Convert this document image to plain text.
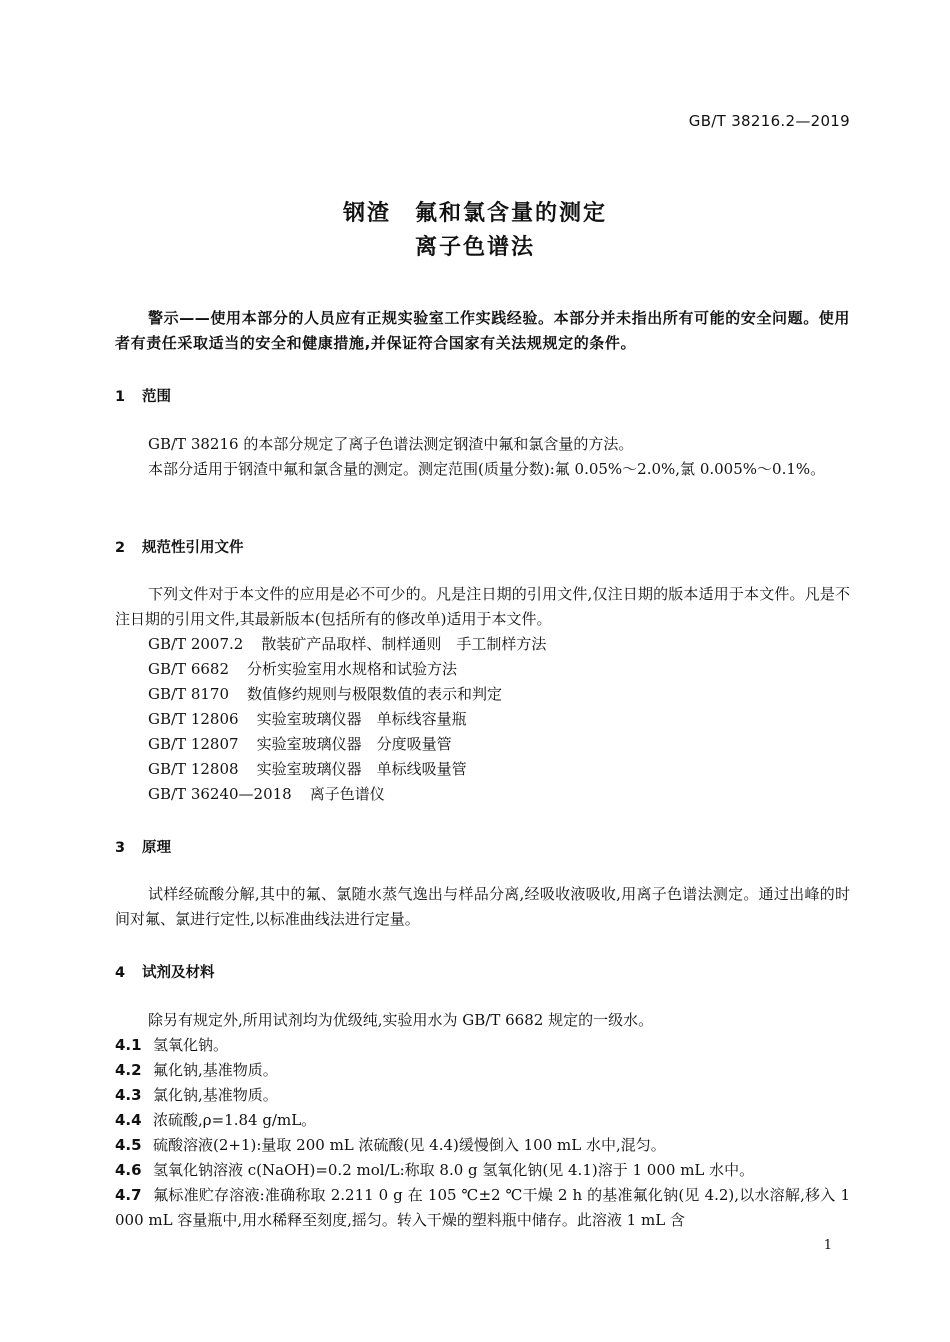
GB/T 38216.2—2019
钢渣　氟和氯含量的测定
离子色谱法
警示——使用本部分的人员应有正规实验室工作实践经验。本部分并未指出所有可能的安全问题。使用者有责任采取适当的安全和健康措施,并保证符合国家有关法规规定的条件。
1 范围
GB/T 38216 的本部分规定了离子色谱法测定钢渣中氟和氯含量的方法。
本部分适用于钢渣中氟和氯含量的测定。测定范围(质量分数):氟 0.05%～2.0%,氯 0.005%～0.1%。
2 规范性引用文件
下列文件对于本文件的应用是必不可少的。凡是注日期的引用文件,仅注日期的版本适用于本文件。凡是不注日期的引用文件,其最新版本(包括所有的修改单)适用于本文件。
GB/T 2007.2 散装矿产品取样、制样通则　手工制样方法
GB/T 6682 分析实验室用水规格和试验方法
GB/T 8170 数值修约规则与极限数值的表示和判定
GB/T 12806 实验室玻璃仪器　单标线容量瓶
GB/T 12807 实验室玻璃仪器　分度吸量管
GB/T 12808 实验室玻璃仪器　单标线吸量管
GB/T 36240—2018 离子色谱仪
3 原理
试样经硫酸分解,其中的氟、氯随水蒸气逸出与样品分离,经吸收液吸收,用离子色谱法测定。通过出峰的时间对氟、氯进行定性,以标准曲线法进行定量。
4 试剂及材料
除另有规定外,所用试剂均为优级纯,实验用水为 GB/T 6682 规定的一级水。
4.1 氢氧化钠。
4.2 氟化钠,基准物质。
4.3 氯化钠,基准物质。
4.4 浓硫酸,ρ=1.84 g/mL。
4.5 硫酸溶液(2+1):量取 200 mL 浓硫酸(见 4.4)缓慢倒入 100 mL 水中,混匀。
4.6 氢氧化钠溶液 c(NaOH)=0.2 mol/L:称取 8.0 g 氢氧化钠(见 4.1)溶于 1 000 mL 水中。
4.7 氟标准贮存溶液:准确称取 2.211 0 g 在 105 ℃±2 ℃干燥 2 h 的基准氟化钠(见 4.2),以水溶解,移入 1 000 mL 容量瓶中,用水稀释至刻度,摇匀。转入干燥的塑料瓶中储存。此溶液 1 mL 含
1
